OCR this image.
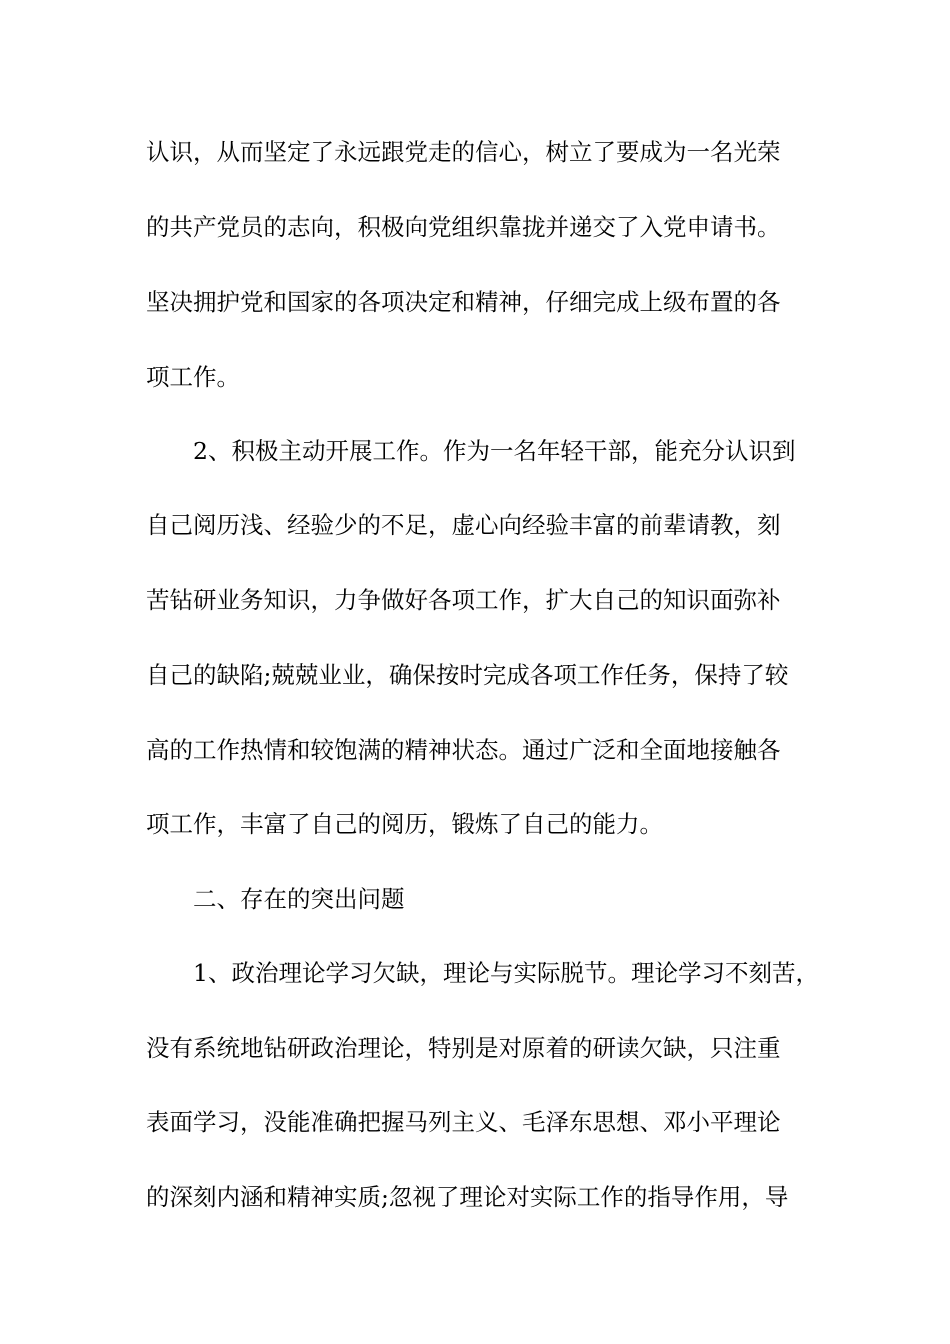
认识，从而坚定了永远跟党走的信心，树立了要成为一名光荣

的共产党员的志向，积极向党组织靠拢并递交了入党申请书。

坚决拥护党和国家的各项决定和精神，仔细完成上级布置的各

项工作。

2、积极主动开展工作。作为一名年轻干部，能充分认识到

自己阅历浅、经验少的不足，虚心向经验丰富的前辈请教，刻

苦钻研业务知识，力争做好各项工作，扩大自己的知识面弥补

自己的缺陷;兢兢业业，确保按时完成各项工作任务，保持了较

高的工作热情和较饱满的精神状态。通过广泛和全面地接触各

项工作，丰富了自己的阅历，锻炼了自己的能力。

二、存在的突出问题

1、政治理论学习欠缺，理论与实际脱节。理论学习不刻苦，

没有系统地钻研政治理论，特别是对原着的研读欠缺，只注重

表面学习，没能准确把握马列主义、毛泽东思想、邓小平理论

的深刻内涵和精神实质;忽视了理论对实际工作的指导作用，导
